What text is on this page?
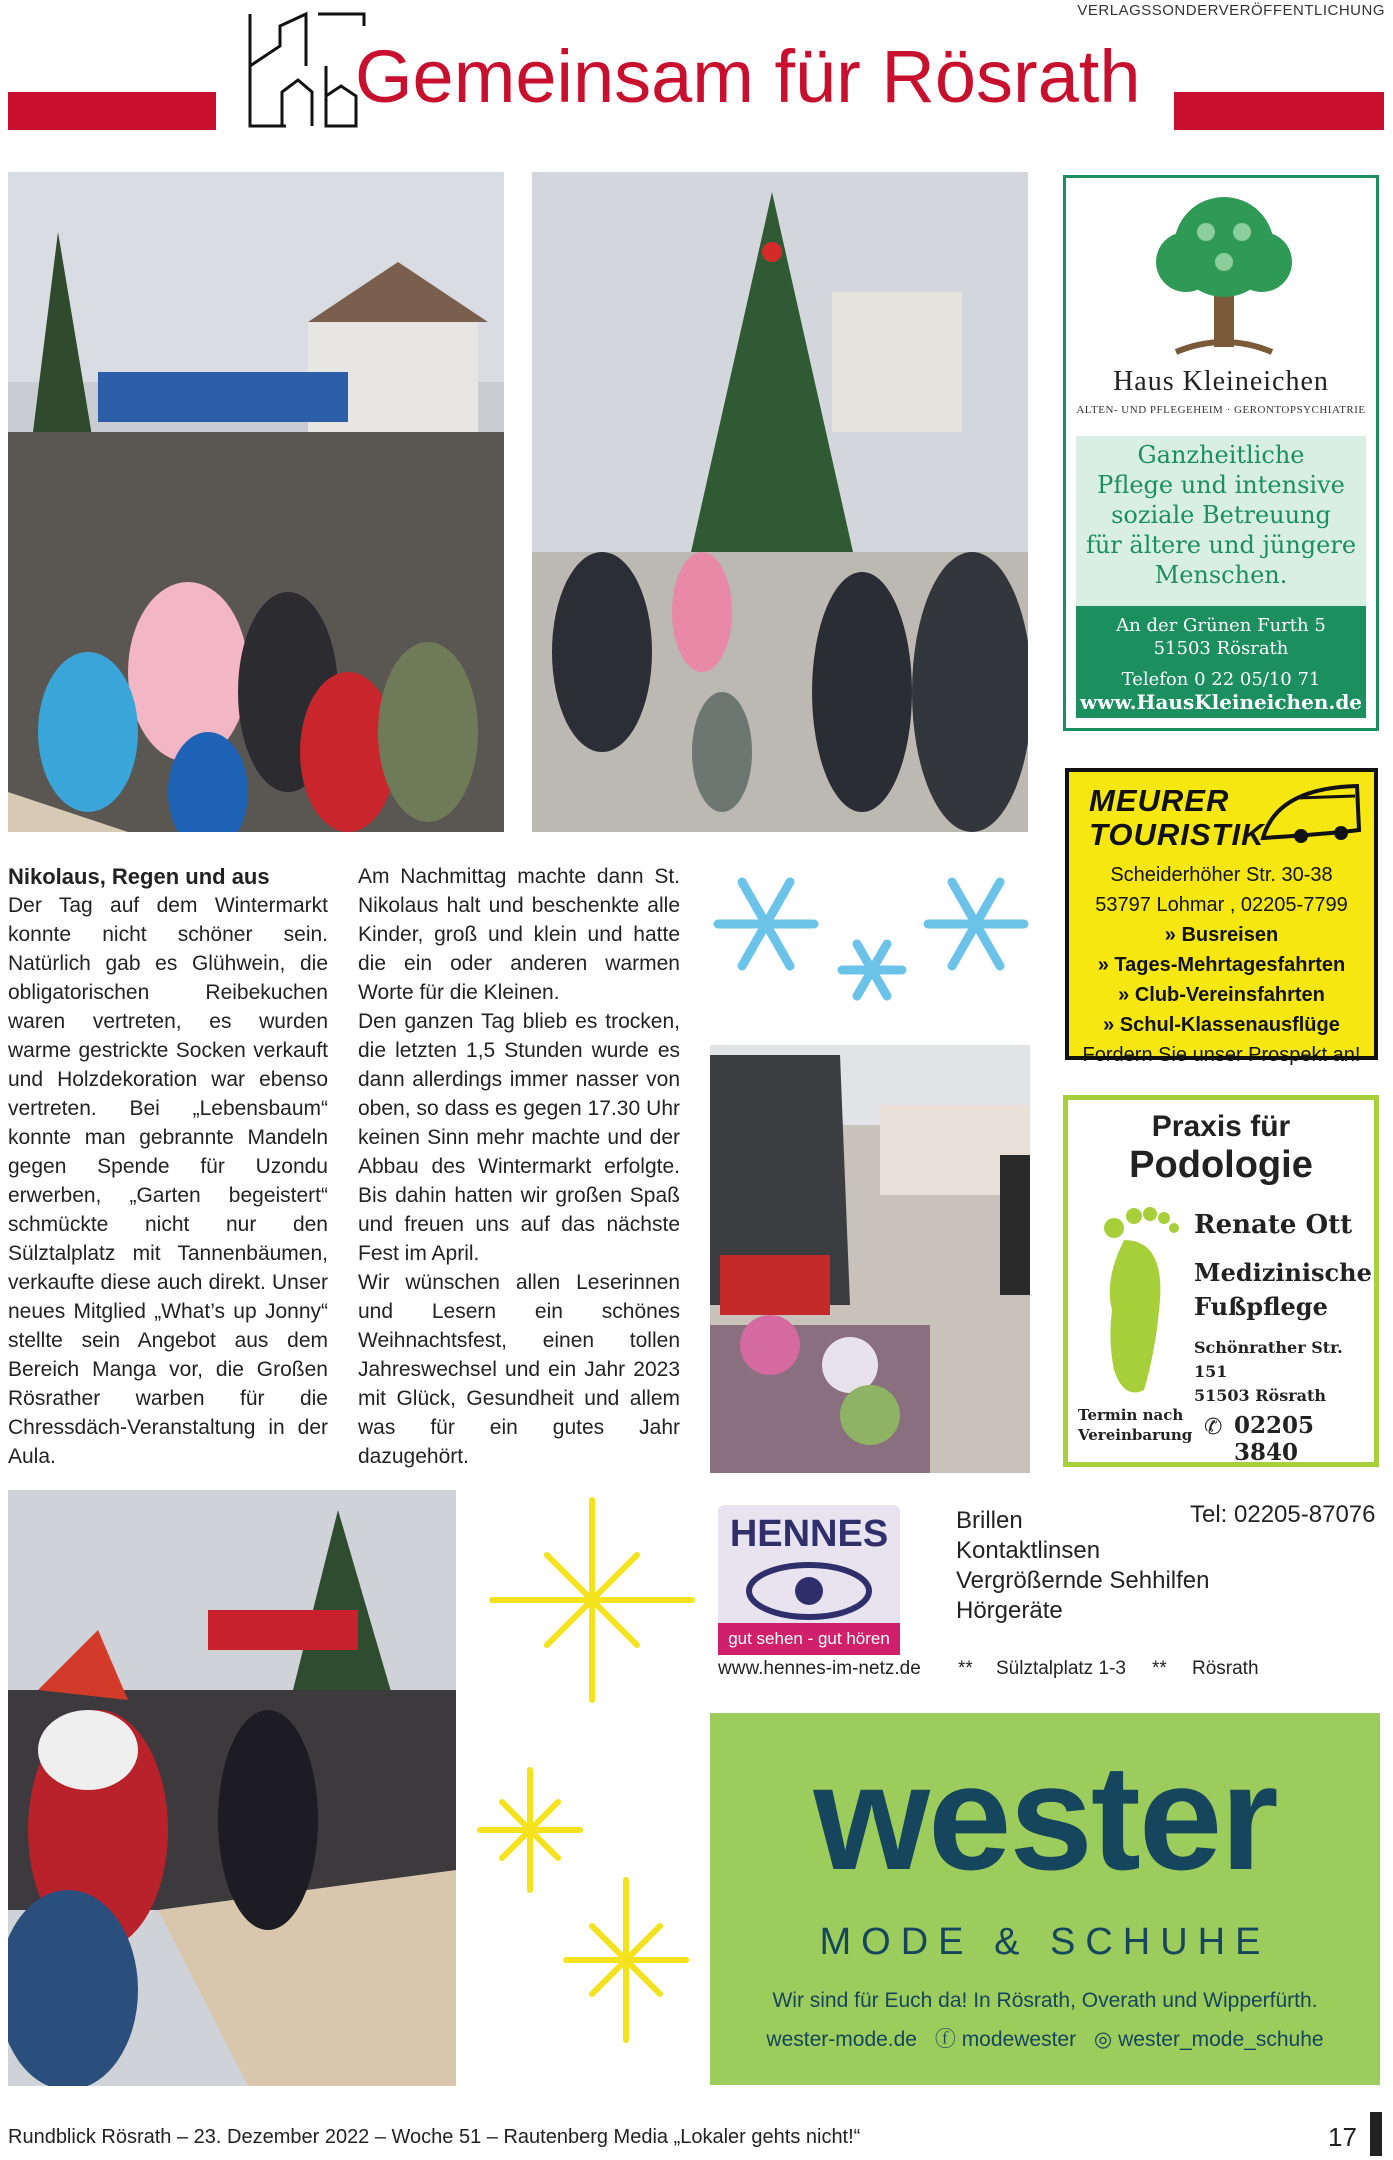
VERLAGSSONDERVERÖFFENTLICHUNG
Gemeinsam für Rösrath
Haus Kleineichen
ALTEN- UND PFLEGEHEIM · GERONTOPSYCHIATRIE
Ganzheitliche
Pflege und intensive
soziale Betreuung
für ältere und jüngere
Menschen.
An der Grünen Furth 5
51503 Rösrath
Telefon 0 22 05/10 71
www.HausKleineichen.de
Nikolaus, Regen und aus

Der Tag auf dem Wintermarkt konnte nicht schöner sein. Natürlich gab es Glühwein, die obligatorischen Reibekuchen waren vertreten, es wurden warme gestrickte Socken verkauft und Holzdekoration war ebenso vertreten. Bei „Lebensbaum“ konnte man gebrannte Mandeln gegen Spende für Uzondu erwerben, „Garten begeistert“ schmückte nicht nur den Sülztalplatz mit Tannenbäumen, verkaufte diese auch direkt. Unser neues Mitglied „What’s up Jonny“ stellte sein Angebot aus dem Bereich Manga vor, die Großen Rösrather warben für die Chressdäch-Veranstaltung in der Aula.

Am Nachmittag machte dann St. Nikolaus halt und beschenkte alle Kinder, groß und klein und hatte die ein oder anderen warmen Worte für die Kleinen.

Den ganzen Tag blieb es trocken, die letzten 1,5 Stunden wurde es dann allerdings immer nasser von oben, so dass es gegen 17.30 Uhr keinen Sinn mehr machte und der Abbau des Wintermarkt erfolgte. Bis dahin hatten wir großen Spaß und freuen uns auf das nächste Fest im April.

Wir wünschen allen Leserinnen und Lesern ein schönes Weihnachtsfest, einen tollen Jahreswechsel und ein Jahr 2023 mit Glück, Gesundheit und allem was für ein gutes Jahr dazugehört.

MEURER
TOURISTIK
Scheiderhöher Str. 30-38
53797 Lohmar , 02205-7799
» Busreisen
» Tages-Mehrtagesfahrten
» Club-Vereinsfahrten
» Schul-Klassenausflüge
Fordern Sie unser Prospekt an!
Praxis für
Podologie
Renate Ott
Medizinische
Fußpflege
Schönrather Str. 151
51503 Rösrath
Termin nach
Vereinbarung ✆ 02205 3840
HENNES
gut sehen - gut hören
Brillen
Kontaktlinsen
Vergrößernde Sehhilfen
Hörgeräte
Tel: 02205-87076
www.hennes-im-netz.de ** Sülztalplatz 1-3 ** Rösrath
wester
MODE & SCHUHE
Wir sind für Euch da! In Rösrath, Overath und Wipperfürth.
wester-mode.de ⓕ modewester ◎ wester_mode_schuhe
Rundblick Rösrath – 23. Dezember 2022 – Woche 51 – Rautenberg Media „Lokaler gehts nicht!“	17
